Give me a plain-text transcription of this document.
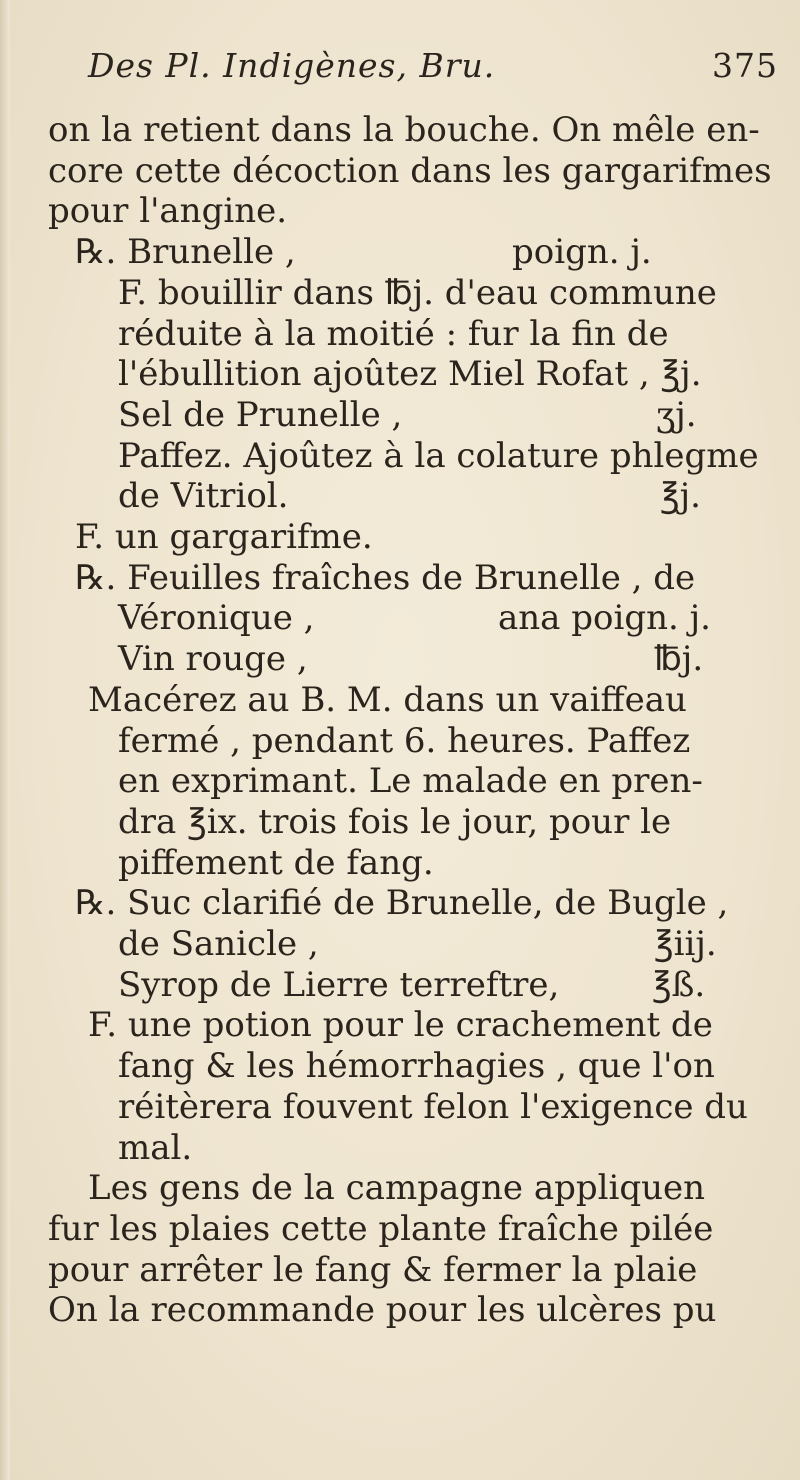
Des Pl. Indigènes, Bru.	375
on la retient dans la bouche. On mêle en-
core cette décoction dans les gargarifmes
pour l'angine.
℞. Brunelle ,	poign. j.
F. bouillir dans ℔j. d'eau commune
réduite à la moitié : fur la fin de
l'ébullition ajoûtez Miel Rofat , ℥j.
Sel de Prunelle ,	ʒj.
Paffez. Ajoûtez à la colature phlegme
de Vitriol.	℥j.
F. un gargarifme.
℞. Feuilles fraîches de Brunelle , de
Véronique ,	ana poign. j.
Vin rouge ,	℔j.
Macérez au B. M. dans un vaiffeau
fermé , pendant 6. heures. Paffez
en exprimant. Le malade en pren-
dra ℥ix. trois fois le jour, pour le
piffement de fang.
℞. Suc clarifié de Brunelle, de Bugle ,
de Sanicle ,	℥iij.
Syrop de Lierre terreftre,	℥ß.
F. une potion pour le crachement de
fang & les hémorrhagies , que l'on
réitèrera fouvent felon l'exigence du
mal.
Les gens de la campagne appliquen
fur les plaies cette plante fraîche pilée
pour arrêter le fang & fermer la plaie
On la recommande pour les ulcères pu
